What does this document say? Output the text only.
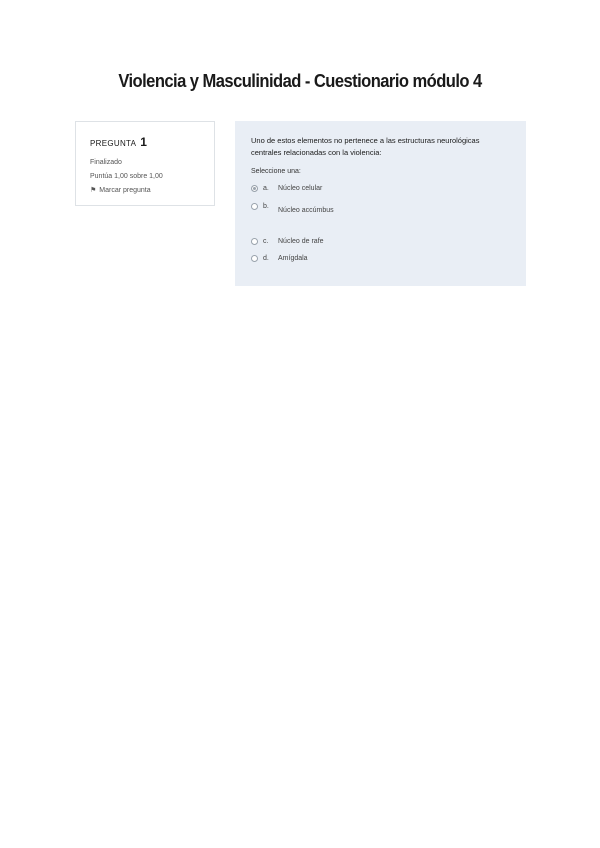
Violencia y Masculinidad - Cuestionario módulo 4
PREGUNTA 1
Finalizado
Puntúa 1,00 sobre 1,00
⚑ Marcar pregunta
Uno de estos elementos no pertenece a las estructuras neurológicas centrales relacionadas con la violencia:
Seleccione una:
a.	Núcleo celular
b.
Núcleo accúmbus
c.	Núcleo de rafe
d.	Amígdala
